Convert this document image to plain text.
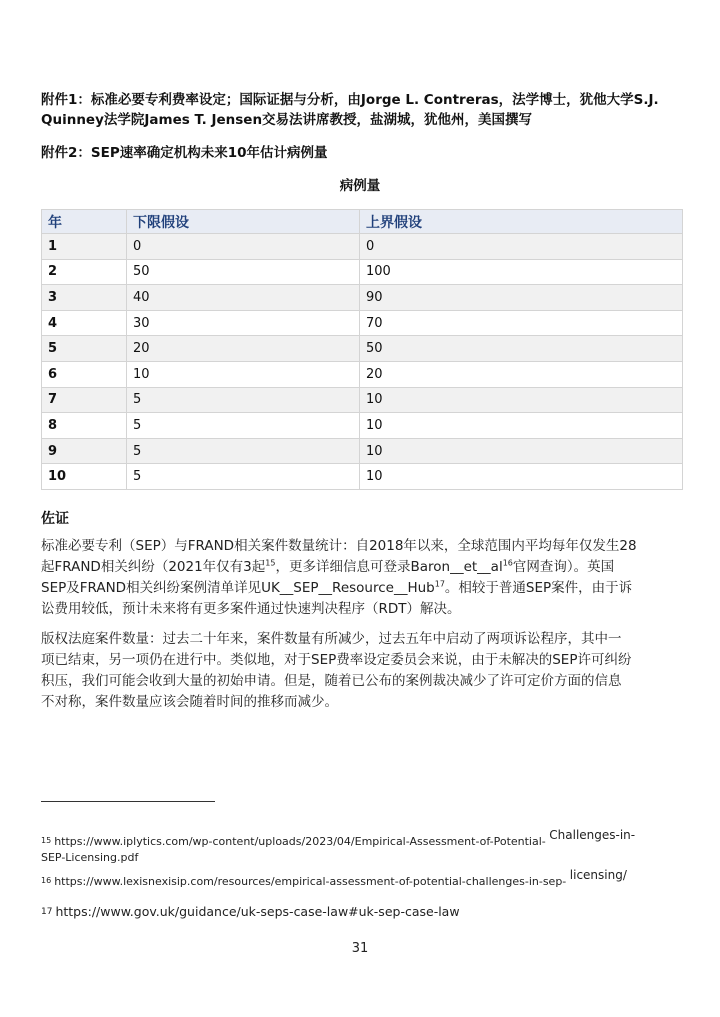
附件1：标准必要专利费率设定；国际证据与分析，由Jorge L. Contreras，法学博士，犹他大学S.J.
Quinney法学院James T. Jensen交易法讲席教授，盐湖城，犹他州，美国撰写
附件2：SEP速率确定机构未来10年估计病例量
病例量
年	下限假设	上界假设
1	0	0
2	50	100
3	40	90
4	30	70
5	20	50
6	10	20
7	5	10
8	5	10
9	5	10
10	5	10
佐证
标准必要专利（SEP）与FRAND相关案件数量统计：自2018年以来，全球范围内平均每年仅发生28
起FRAND相关纠纷（2021年仅有3起$^{15}$，更多详细信息可登录$Baron\_\_et\_\_al^{16}$官网查询）。英国
SEP及FRAND相关纠纷案例清单详见UK__SEP__Resource__Hub$^{17}$。相较于普通SEP案件，由于诉
讼费用较低，预计未来将有更多案件通过快速判决程序（RDT）解决。
版权法庭案件数量：过去二十年来，案件数量有所减少，过去五年中启动了两项诉讼程序，其中一
项已结束，另一项仍在进行中。类似地，对于SEP费率设定委员会来说，由于未解决的SEP许可纠纷
积压，我们可能会收到大量的初始申请。但是，随着已公布的案例裁决减少了许可定价方面的信息
不对称，案件数量应该会随着时间的推移而减少。
$^{15}$ https://www.iplytics.com/wp-content/uploads/2023/04/Empirical-Assessment-of-Potential- Challenges-in-
SEP-Licensing.pdf
$^{16}$ https://www.lexisnexisip.com/resources/empirical-assessment-of-potential-challenges-in-sep- licensing/
$^{17}$ https://www.gov.uk/guidance/uk-seps-case-law#uk-sep-case-law
31
